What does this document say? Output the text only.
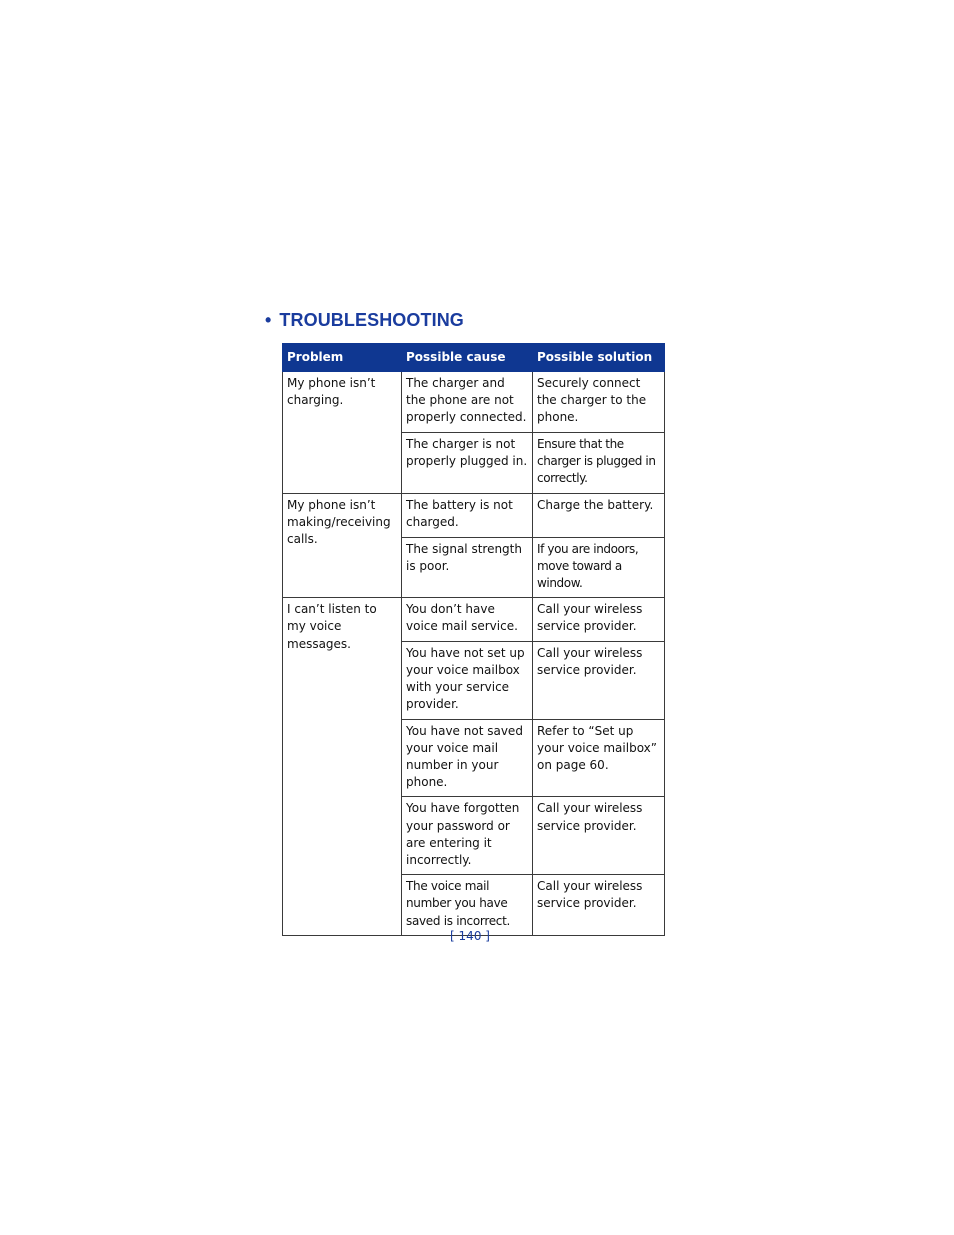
• TROUBLESHOOTING
Problem	Possible cause	Possible solution
My phone isn’t charging.	The charger and the phone are not properly connected.	Securely connect the charger to the phone.
	The charger is not properly plugged in.	Ensure that the charger is plugged in correctly.
My phone isn’t making/receiving calls.	The battery is not charged.	Charge the battery.
	The signal strength is poor.	If you are indoors, move toward a window.
I can’t listen to my voice messages.	You don’t have voice mail service.	Call your wireless service provider.
	You have not set up your voice mailbox with your service provider.	Call your wireless service provider.
	You have not saved your voice mail number in your phone.	Refer to “Set up your voice mailbox” on page 60.
	You have forgotten your password or are entering it incorrectly.	Call your wireless service provider.
	The voice mail number you have saved is incorrect.	Call your wireless service provider.
[ 140 ]
